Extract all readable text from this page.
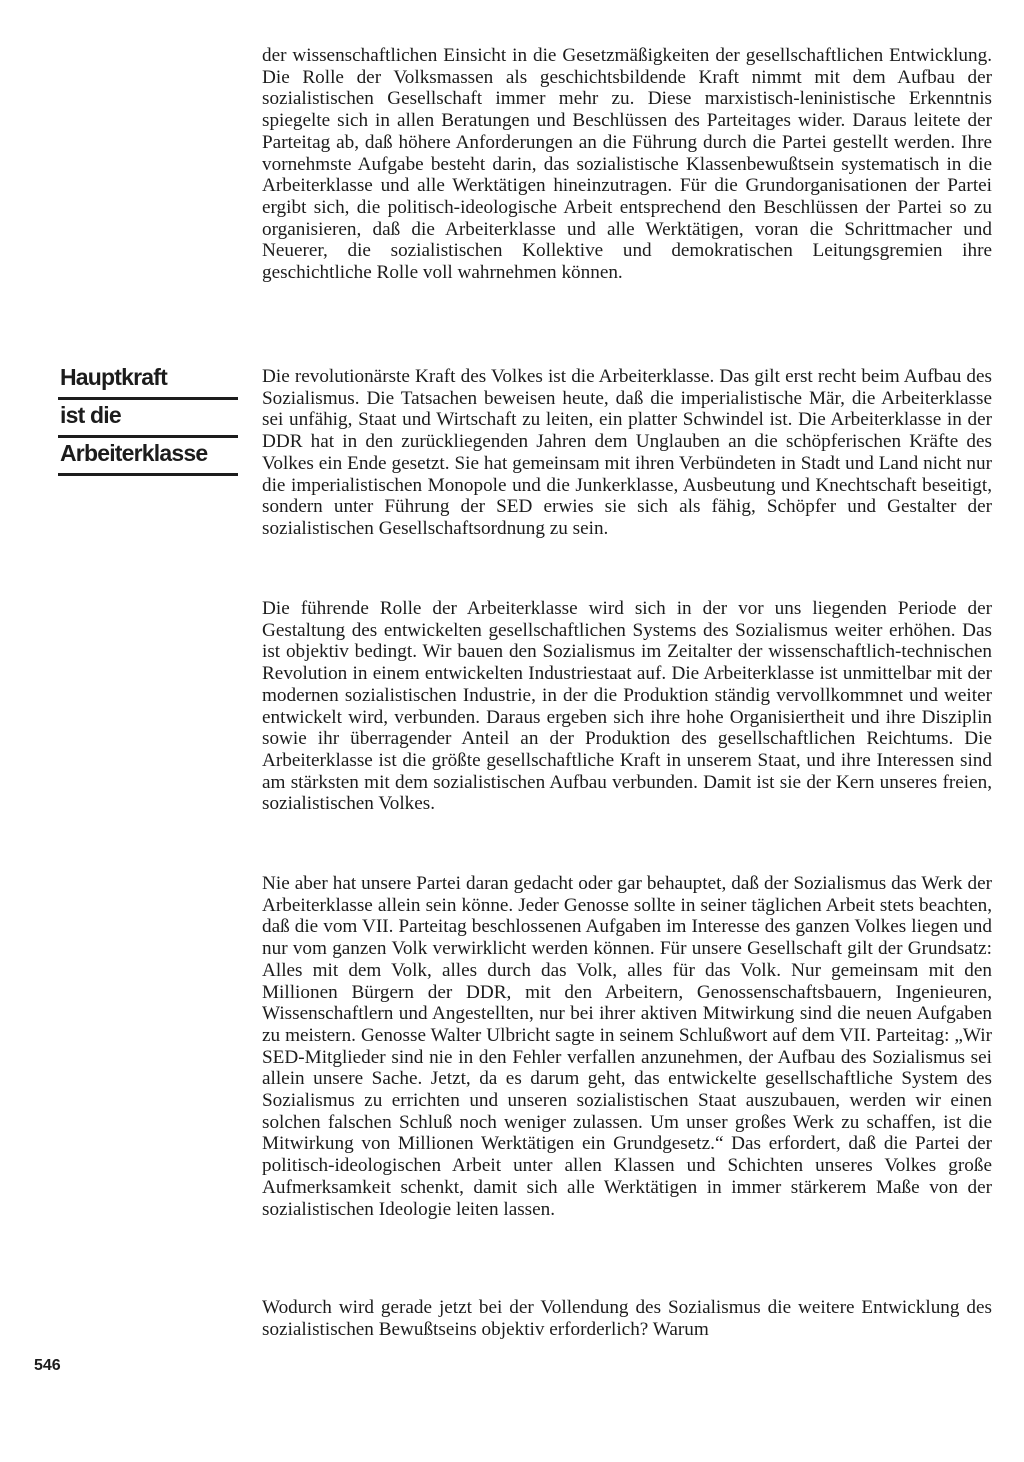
Hauptkraft
ist die
Arbeiterklasse

der wissenschaftlichen Einsicht in die Gesetzmäßigkeiten der gesellschaftlichen Entwicklung. Die Rolle der Volksmassen als geschichtsbildende Kraft nimmt mit dem Aufbau der sozialistischen Gesellschaft immer mehr zu. Diese marxistisch-leninistische Erkenntnis spiegelte sich in allen Beratungen und Beschlüssen des Parteitages wider. Daraus leitete der Parteitag ab, daß höhere Anforderungen an die Führung durch die Partei gestellt werden. Ihre vornehmste Aufgabe besteht darin, das sozialistische Klassenbewußtsein systematisch in die Arbeiterklasse und alle Werktätigen hineinzutragen. Für die Grundorganisationen der Partei ergibt sich, die politisch-ideologische Arbeit entsprechend den Beschlüssen der Partei so zu organisieren, daß die Arbeiterklasse und alle Werktätigen, voran die Schrittmacher und Neuerer, die sozialistischen Kollektive und demokratischen Leitungsgremien ihre geschichtliche Rolle voll wahrnehmen können.

Die revolutionärste Kraft des Volkes ist die Arbeiterklasse. Das gilt erst recht beim Aufbau des Sozialismus. Die Tatsachen beweisen heute, daß die imperialistische Mär, die Arbeiterklasse sei unfähig, Staat und Wirtschaft zu leiten, ein platter Schwindel ist. Die Arbeiterklasse in der DDR hat in den zurückliegenden Jahren dem Unglauben an die schöpferischen Kräfte des Volkes ein Ende gesetzt. Sie hat gemeinsam mit ihren Verbündeten in Stadt und Land nicht nur die imperialistischen Monopole und die Junkerklasse, Ausbeutung und Knechtschaft beseitigt, sondern unter Führung der SED erwies sie sich als fähig, Schöpfer und Gestalter der sozialistischen Gesellschaftsordnung zu sein.

Die führende Rolle der Arbeiterklasse wird sich in der vor uns liegenden Periode der Gestaltung des entwickelten gesellschaftlichen Systems des Sozialismus weiter erhöhen. Das ist objektiv bedingt. Wir bauen den Sozialismus im Zeitalter der wissenschaftlich-technischen Revolution in einem entwickelten Industriestaat auf. Die Arbeiterklasse ist unmittelbar mit der modernen sozialistischen Industrie, in der die Produktion ständig vervollkommnet und weiter entwickelt wird, verbunden. Daraus ergeben sich ihre hohe Organisiertheit und ihre Disziplin sowie ihr überragender Anteil an der Produktion des gesellschaftlichen Reichtums. Die Arbeiterklasse ist die größte gesellschaftliche Kraft in unserem Staat, und ihre Interessen sind am stärksten mit dem sozialistischen Aufbau verbunden. Damit ist sie der Kern unseres freien, sozialistischen Volkes.

Nie aber hat unsere Partei daran gedacht oder gar behauptet, daß der Sozialismus das Werk der Arbeiterklasse allein sein könne. Jeder Genosse sollte in seiner täglichen Arbeit stets beachten, daß die vom VII. Parteitag beschlossenen Aufgaben im Interesse des ganzen Volkes liegen und nur vom ganzen Volk verwirklicht werden können. Für unsere Gesellschaft gilt der Grundsatz: Alles mit dem Volk, alles durch das Volk, alles für das Volk. Nur gemeinsam mit den Millionen Bürgern der DDR, mit den Arbeitern, Genossenschaftsbauern, Ingenieuren, Wissenschaftlern und Angestellten, nur bei ihrer aktiven Mitwirkung sind die neuen Aufgaben zu meistern. Genosse Walter Ulbricht sagte in seinem Schlußwort auf dem VII. Parteitag: „Wir SED-Mitglieder sind nie in den Fehler verfallen anzunehmen, der Aufbau des Sozialismus sei allein unsere Sache. Jetzt, da es darum geht, das entwickelte gesellschaftliche System des Sozialismus zu errichten und unseren sozialistischen Staat auszubauen, werden wir einen solchen falschen Schluß noch weniger zulassen. Um unser großes Werk zu schaffen, ist die Mitwirkung von Millionen Werktätigen ein Grundgesetz.“ Das erfordert, daß die Partei der politisch-ideologischen Arbeit unter allen Klassen und Schichten unseres Volkes große Aufmerksamkeit schenkt, damit sich alle Werktätigen in immer stärkerem Maße von der sozialistischen Ideologie leiten lassen.

Wodurch wird gerade jetzt bei der Vollendung des Sozialismus die weitere Entwicklung des sozialistischen Bewußtseins objektiv erforderlich? Warum

546
